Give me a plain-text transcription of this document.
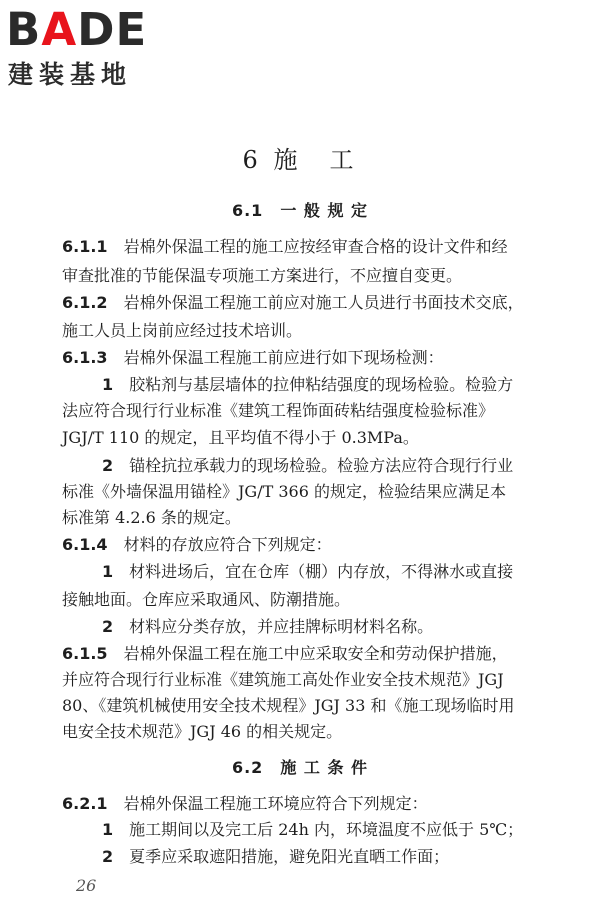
BADE

建装基地

6 施　工

6.1　 一 般 规 定

6.1.1　 岩棉外保温工程的施工应按经审查合格的设计文件和经

审查批准的节能保温专项施工方案进行，不应擅自变更。

6.1.2　 岩棉外保温工程施工前应对施工人员进行书面技术交底，

施工人员上岗前应经过技术培训。

6.1.3　 岩棉外保温工程施工前应进行如下现场检测：

1　 胶粘剂与基层墙体的拉伸粘结强度的现场检验。检验方

法应符合现行行业标准《建筑工程饰面砖粘结强度检验标准》

JGJ/T 110 的规定，且平均值不得小于 0.3MPa。

2　 锚栓抗拉承载力的现场检验。检验方法应符合现行行业

标准《外墙保温用锚栓》JG/T 366 的规定，检验结果应满足本

标准第 4.2.6 条的规定。

6.1.4　 材料的存放应符合下列规定：

1　 材料进场后，宜在仓库（棚）内存放，不得淋水或直接

接触地面。仓库应采取通风、防潮措施。

2　 材料应分类存放，并应挂牌标明材料名称。

6.1.5　 岩棉外保温工程在施工中应采取安全和劳动保护措施，

并应符合现行行业标准《建筑施工高处作业安全技术规范》JGJ

80、《建筑机械使用安全技术规程》JGJ 33 和《施工现场临时用

电安全技术规范》JGJ 46 的相关规定。

6.2　 施 工 条 件

6.2.1　 岩棉外保温工程施工环境应符合下列规定：

1　 施工期间以及完工后 24h 内，环境温度不应低于 5℃；

2　 夏季应采取遮阳措施，避免阳光直晒工作面；

26
